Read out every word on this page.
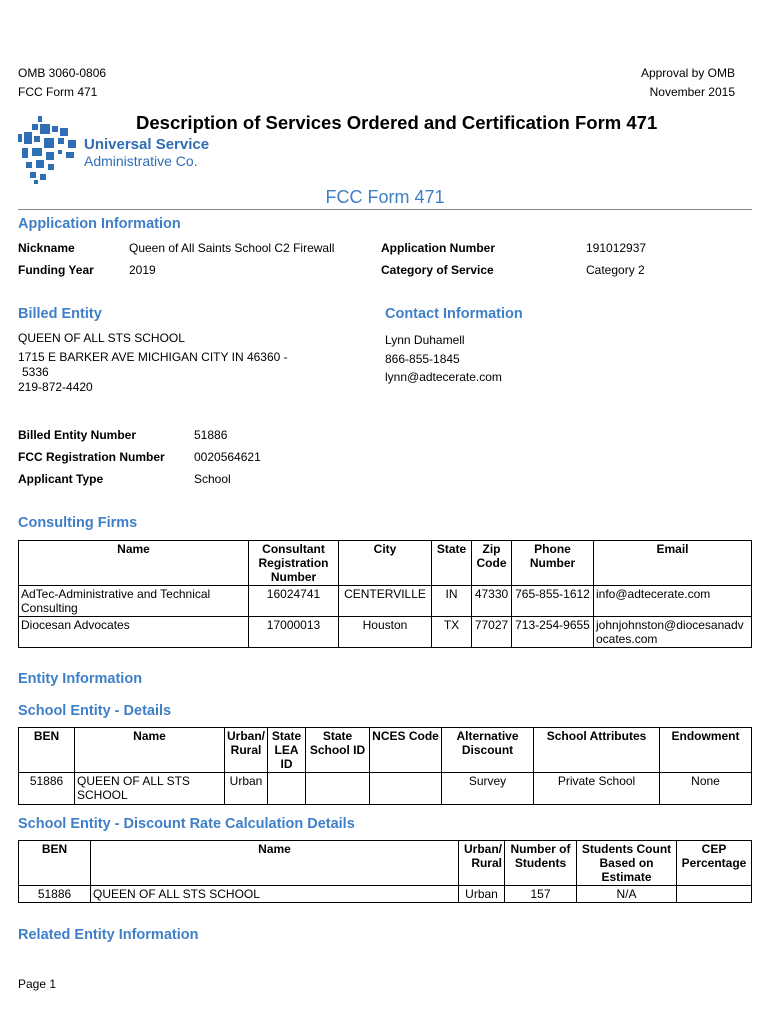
OMB 3060-0806
FCC Form 471
Approval by OMB
November 2015
Universal Service
Administrative Co.
Description of Services Ordered and Certification Form 471
FCC Form 471
Application Information
Nickname	Queen of All Saints School C2 Firewall	Application Number	191012937
Funding Year	2019	Category of Service	Category 2
Billed Entity
QUEEN OF ALL STS SCHOOL
1715 E BARKER AVE MICHIGAN CITY IN 46360 -
5336
219-872-4420
Contact Information
Lynn Duhamell
866-855-1845
lynn@adtecerate.com
Billed Entity Number	51886
FCC Registration Number 0020564621
Applicant Type	School
Consulting Firms
Name	Consultant Registration Number	City	State	Zip Code	Phone Number	Email
AdTec-Administrative and Technical Consulting	16024741	CENTERVILLE	IN	47330	765-855-1612	info@adtecerate.com
Diocesan Advocates	17000013	Houston	TX	77027	713-254-9655	johnjohnston@diocesanadvocates.com
Entity Information
School Entity - Details
BEN	Name	Urban/ Rural	State LEA ID	State School ID	NCES Code	Alternative Discount	School Attributes	Endowment
51886	QUEEN OF ALL STS SCHOOL	Urban				Survey	Private School	None
School Entity - Discount Rate Calculation Details
BEN	Name	Urban/ Rural	Number of Students	Students Count Based on Estimate	CEP Percentage
51886	QUEEN OF ALL STS SCHOOL	Urban	157	N/A	
Related Entity Information
Page 1
